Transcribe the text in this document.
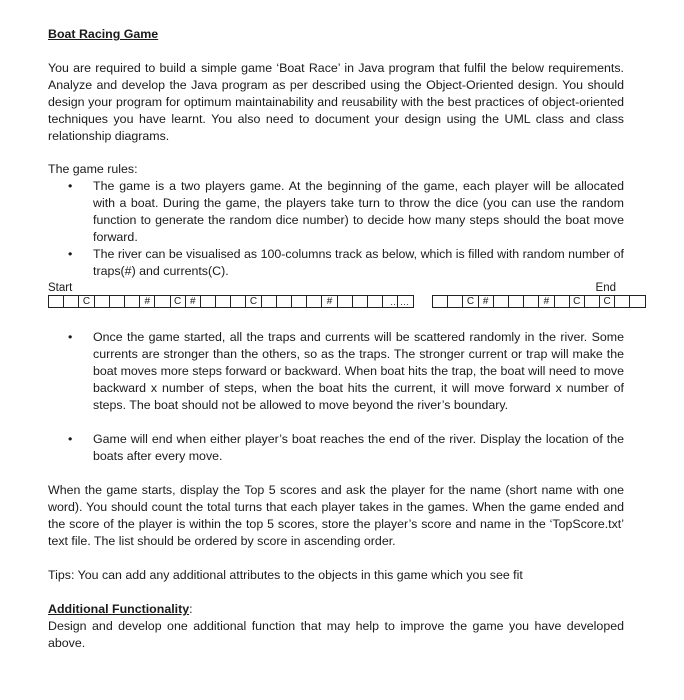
Boat Racing Game

You are required to build a simple game ‘Boat Race’ in Java program that fulfil the below requirements. Analyze and develop the Java program as per described using the Object-Oriented design. You should design your program for optimum maintainability and reusability with the best practices of object-oriented techniques you have learnt. You also need to document your design using the UML class and class relationship diagrams.

The game rules:

• The game is a two players game. At the beginning of the game, each player will be allocated with a boat. During the game, the players take turn to throw the dice (you can use the random function to generate the random dice number) to decide how many steps should the boat move forward.
• The river can be visualised as 100-columns track as below, which is filled with random number of traps(#) and currents(C).
Start	End
C	#	C #	C	#	……	C #	#	C	C
• Once the game started, all the traps and currents will be scattered randomly in the river. Some currents are stronger than the others, so as the traps. The stronger current or trap will make the boat moves more steps forward or backward. When boat hits the trap, the boat will need to move backward x number of steps, when the boat hits the current, it will move forward x number of steps. The boat should not be allowed to move beyond the river’s boundary.
• Game will end when either player’s boat reaches the end of the river. Display the location of the boats after every move.

When the game starts, display the Top 5 scores and ask the player for the name (short name with one word). You should count the total turns that each player takes in the games. When the game ended and the score of the player is within the top 5 scores, store the player’s score and name in the ‘TopScore.txt’ text file. The list should be ordered by score in ascending order.

Tips: You can add any additional attributes to the objects in this game which you see fit

Additional Functionality:

Design and develop one additional function that may help to improve the game you have developed above.
